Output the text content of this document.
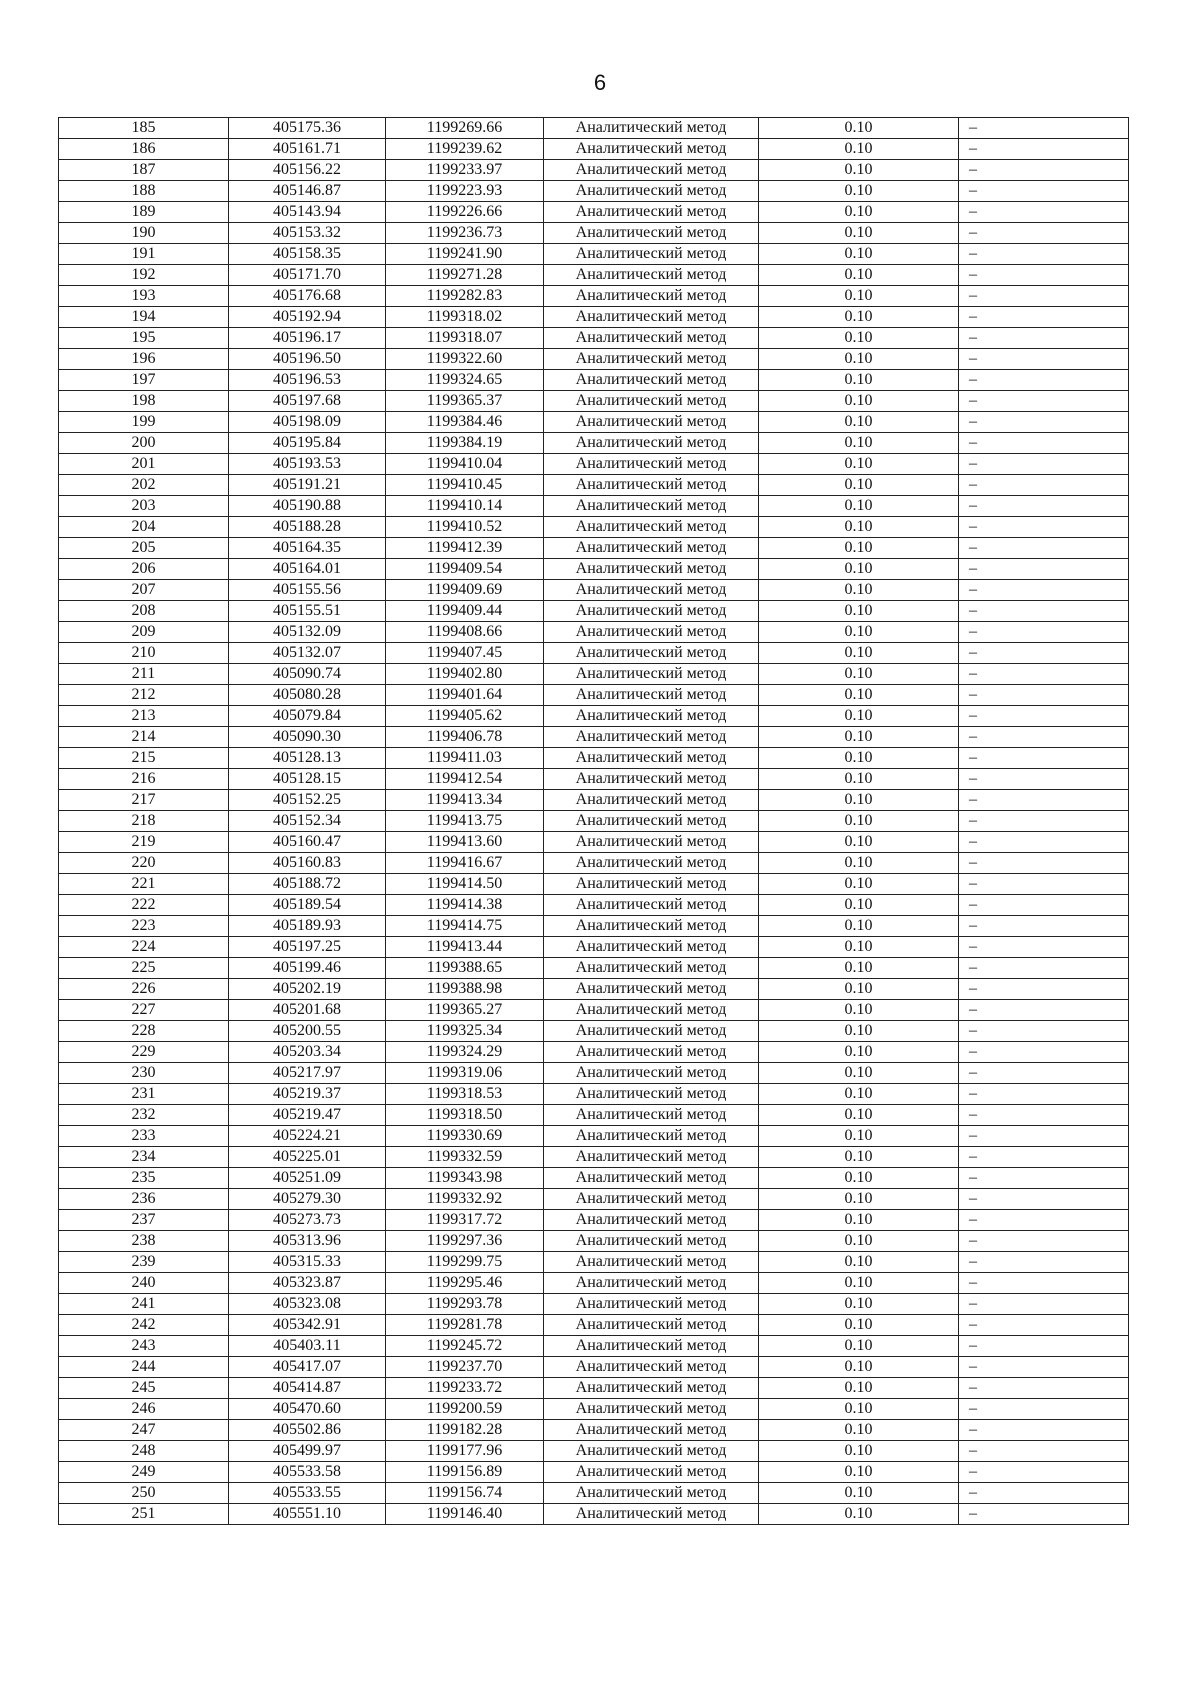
6
185	405175.36	1199269.66	Аналитический метод	0.10	–
186	405161.71	1199239.62	Аналитический метод	0.10	–
187	405156.22	1199233.97	Аналитический метод	0.10	–
188	405146.87	1199223.93	Аналитический метод	0.10	–
189	405143.94	1199226.66	Аналитический метод	0.10	–
190	405153.32	1199236.73	Аналитический метод	0.10	–
191	405158.35	1199241.90	Аналитический метод	0.10	–
192	405171.70	1199271.28	Аналитический метод	0.10	–
193	405176.68	1199282.83	Аналитический метод	0.10	–
194	405192.94	1199318.02	Аналитический метод	0.10	–
195	405196.17	1199318.07	Аналитический метод	0.10	–
196	405196.50	1199322.60	Аналитический метод	0.10	–
197	405196.53	1199324.65	Аналитический метод	0.10	–
198	405197.68	1199365.37	Аналитический метод	0.10	–
199	405198.09	1199384.46	Аналитический метод	0.10	–
200	405195.84	1199384.19	Аналитический метод	0.10	–
201	405193.53	1199410.04	Аналитический метод	0.10	–
202	405191.21	1199410.45	Аналитический метод	0.10	–
203	405190.88	1199410.14	Аналитический метод	0.10	–
204	405188.28	1199410.52	Аналитический метод	0.10	–
205	405164.35	1199412.39	Аналитический метод	0.10	–
206	405164.01	1199409.54	Аналитический метод	0.10	–
207	405155.56	1199409.69	Аналитический метод	0.10	–
208	405155.51	1199409.44	Аналитический метод	0.10	–
209	405132.09	1199408.66	Аналитический метод	0.10	–
210	405132.07	1199407.45	Аналитический метод	0.10	–
211	405090.74	1199402.80	Аналитический метод	0.10	–
212	405080.28	1199401.64	Аналитический метод	0.10	–
213	405079.84	1199405.62	Аналитический метод	0.10	–
214	405090.30	1199406.78	Аналитический метод	0.10	–
215	405128.13	1199411.03	Аналитический метод	0.10	–
216	405128.15	1199412.54	Аналитический метод	0.10	–
217	405152.25	1199413.34	Аналитический метод	0.10	–
218	405152.34	1199413.75	Аналитический метод	0.10	–
219	405160.47	1199413.60	Аналитический метод	0.10	–
220	405160.83	1199416.67	Аналитический метод	0.10	–
221	405188.72	1199414.50	Аналитический метод	0.10	–
222	405189.54	1199414.38	Аналитический метод	0.10	–
223	405189.93	1199414.75	Аналитический метод	0.10	–
224	405197.25	1199413.44	Аналитический метод	0.10	–
225	405199.46	1199388.65	Аналитический метод	0.10	–
226	405202.19	1199388.98	Аналитический метод	0.10	–
227	405201.68	1199365.27	Аналитический метод	0.10	–
228	405200.55	1199325.34	Аналитический метод	0.10	–
229	405203.34	1199324.29	Аналитический метод	0.10	–
230	405217.97	1199319.06	Аналитический метод	0.10	–
231	405219.37	1199318.53	Аналитический метод	0.10	–
232	405219.47	1199318.50	Аналитический метод	0.10	–
233	405224.21	1199330.69	Аналитический метод	0.10	–
234	405225.01	1199332.59	Аналитический метод	0.10	–
235	405251.09	1199343.98	Аналитический метод	0.10	–
236	405279.30	1199332.92	Аналитический метод	0.10	–
237	405273.73	1199317.72	Аналитический метод	0.10	–
238	405313.96	1199297.36	Аналитический метод	0.10	–
239	405315.33	1199299.75	Аналитический метод	0.10	–
240	405323.87	1199295.46	Аналитический метод	0.10	–
241	405323.08	1199293.78	Аналитический метод	0.10	–
242	405342.91	1199281.78	Аналитический метод	0.10	–
243	405403.11	1199245.72	Аналитический метод	0.10	–
244	405417.07	1199237.70	Аналитический метод	0.10	–
245	405414.87	1199233.72	Аналитический метод	0.10	–
246	405470.60	1199200.59	Аналитический метод	0.10	–
247	405502.86	1199182.28	Аналитический метод	0.10	–
248	405499.97	1199177.96	Аналитический метод	0.10	–
249	405533.58	1199156.89	Аналитический метод	0.10	–
250	405533.55	1199156.74	Аналитический метод	0.10	–
251	405551.10	1199146.40	Аналитический метод	0.10	–
